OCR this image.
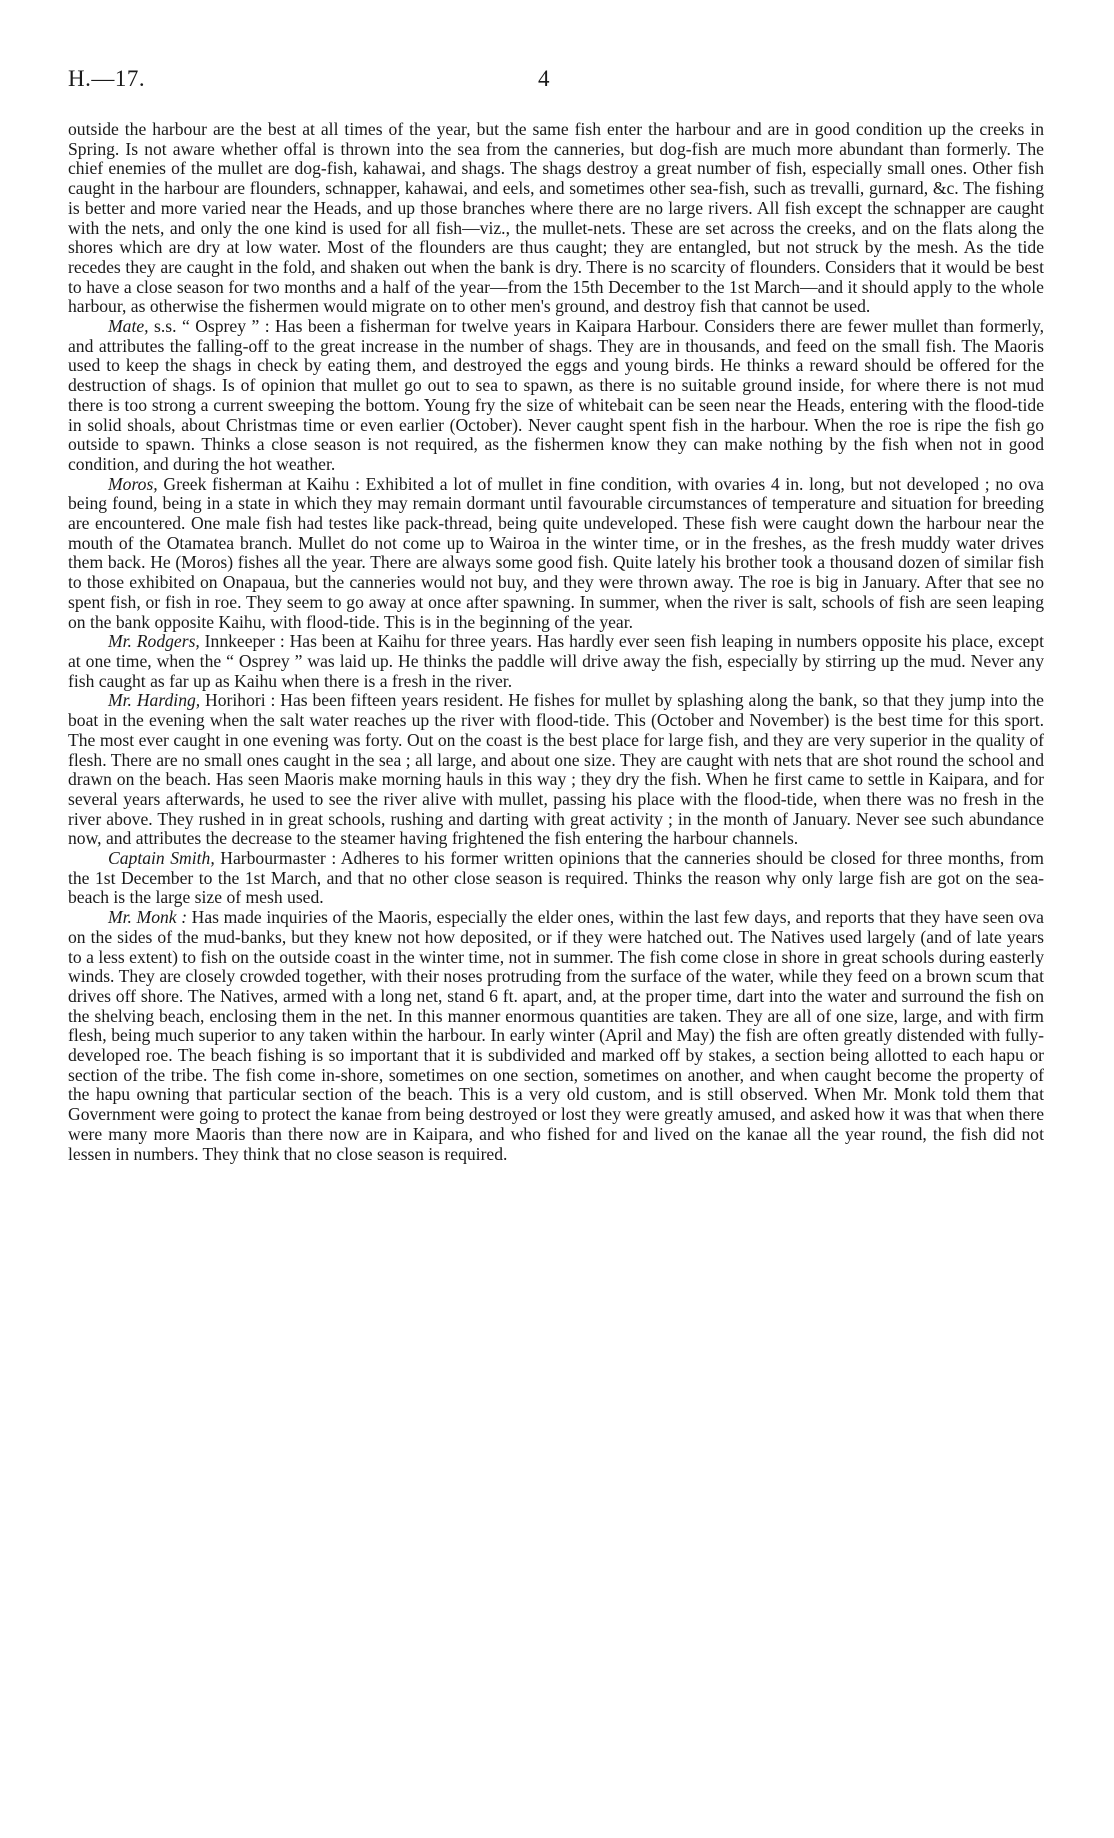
H.—17.	4

outside the harbour are the best at all times of the year, but the same fish enter the harbour and are in good condition up the creeks in Spring. Is not aware whether offal is thrown into the sea from the canneries, but dog-fish are much more abundant than formerly. The chief enemies of the mullet are dog-fish, kahawai, and shags. The shags destroy a great number of fish, especially small ones. Other fish caught in the harbour are flounders, schnapper, kahawai, and eels, and sometimes other sea-fish, such as trevalli, gurnard, &c. The fishing is better and more varied near the Heads, and up those branches where there are no large rivers. All fish except the schnapper are caught with the nets, and only the one kind is used for all fish—viz., the mullet-nets. These are set across the creeks, and on the flats along the shores which are dry at low water. Most of the flounders are thus caught; they are entangled, but not struck by the mesh. As the tide recedes they are caught in the fold, and shaken out when the bank is dry. There is no scarcity of flounders. Considers that it would be best to have a close season for two months and a half of the year—from the 15th December to the 1st March—and it should apply to the whole harbour, as otherwise the fishermen would migrate on to other men's ground, and destroy fish that cannot be used.

Mate, s.s. “ Osprey ” : Has been a fisherman for twelve years in Kaipara Harbour. Considers there are fewer mullet than formerly, and attributes the falling-off to the great increase in the number of shags. They are in thousands, and feed on the small fish. The Maoris used to keep the shags in check by eating them, and destroyed the eggs and young birds. He thinks a reward should be offered for the destruction of shags. Is of opinion that mullet go out to sea to spawn, as there is no suitable ground inside, for where there is not mud there is too strong a current sweeping the bottom. Young fry the size of whitebait can be seen near the Heads, entering with the flood-tide in solid shoals, about Christmas time or even earlier (October). Never caught spent fish in the harbour. When the roe is ripe the fish go outside to spawn. Thinks a close season is not required, as the fishermen know they can make nothing by the fish when not in good condition, and during the hot weather.

Moros, Greek fisherman at Kaihu : Exhibited a lot of mullet in fine condition, with ovaries 4 in. long, but not developed ; no ova being found, being in a state in which they may remain dormant until favourable circumstances of temperature and situation for breeding are encountered. One male fish had testes like pack-thread, being quite undeveloped. These fish were caught down the harbour near the mouth of the Otamatea branch. Mullet do not come up to Wairoa in the winter time, or in the freshes, as the fresh muddy water drives them back. He (Moros) fishes all the year. There are always some good fish. Quite lately his brother took a thousand dozen of similar fish to those exhibited on Onapaua, but the canneries would not buy, and they were thrown away. The roe is big in January. After that see no spent fish, or fish in roe. They seem to go away at once after spawning. In summer, when the river is salt, schools of fish are seen leaping on the bank opposite Kaihu, with flood-tide. This is in the beginning of the year.

Mr. Rodgers, Innkeeper : Has been at Kaihu for three years. Has hardly ever seen fish leaping in numbers opposite his place, except at one time, when the “ Osprey ” was laid up. He thinks the paddle will drive away the fish, especially by stirring up the mud. Never any fish caught as far up as Kaihu when there is a fresh in the river.

Mr. Harding, Horihori : Has been fifteen years resident. He fishes for mullet by splashing along the bank, so that they jump into the boat in the evening when the salt water reaches up the river with flood-tide. This (October and November) is the best time for this sport. The most ever caught in one evening was forty. Out on the coast is the best place for large fish, and they are very superior in the quality of flesh. There are no small ones caught in the sea ; all large, and about one size. They are caught with nets that are shot round the school and drawn on the beach. Has seen Maoris make morning hauls in this way ; they dry the fish. When he first came to settle in Kaipara, and for several years afterwards, he used to see the river alive with mullet, passing his place with the flood-tide, when there was no fresh in the river above. They rushed in in great schools, rushing and darting with great activity ; in the month of January. Never see such abundance now, and attributes the decrease to the steamer having frightened the fish entering the harbour channels.

Captain Smith, Harbourmaster : Adheres to his former written opinions that the canneries should be closed for three months, from the 1st December to the 1st March, and that no other close season is required. Thinks the reason why only large fish are got on the sea-beach is the large size of mesh used.

Mr. Monk : Has made inquiries of the Maoris, especially the elder ones, within the last few days, and reports that they have seen ova on the sides of the mud-banks, but they knew not how deposited, or if they were hatched out. The Natives used largely (and of late years to a less extent) to fish on the outside coast in the winter time, not in summer. The fish come close in shore in great schools during easterly winds. They are closely crowded together, with their noses protruding from the surface of the water, while they feed on a brown scum that drives off shore. The Natives, armed with a long net, stand 6 ft. apart, and, at the proper time, dart into the water and surround the fish on the shelving beach, enclosing them in the net. In this manner enormous quantities are taken. They are all of one size, large, and with firm flesh, being much superior to any taken within the harbour. In early winter (April and May) the fish are often greatly distended with fully-developed roe. The beach fishing is so important that it is subdivided and marked off by stakes, a section being allotted to each hapu or section of the tribe. The fish come in-shore, sometimes on one section, sometimes on another, and when caught become the property of the hapu owning that particular section of the beach. This is a very old custom, and is still observed. When Mr. Monk told them that Government were going to protect the kanae from being destroyed or lost they were greatly amused, and asked how it was that when there were many more Maoris than there now are in Kaipara, and who fished for and lived on the kanae all the year round, the fish did not lessen in numbers. They think that no close season is required.
